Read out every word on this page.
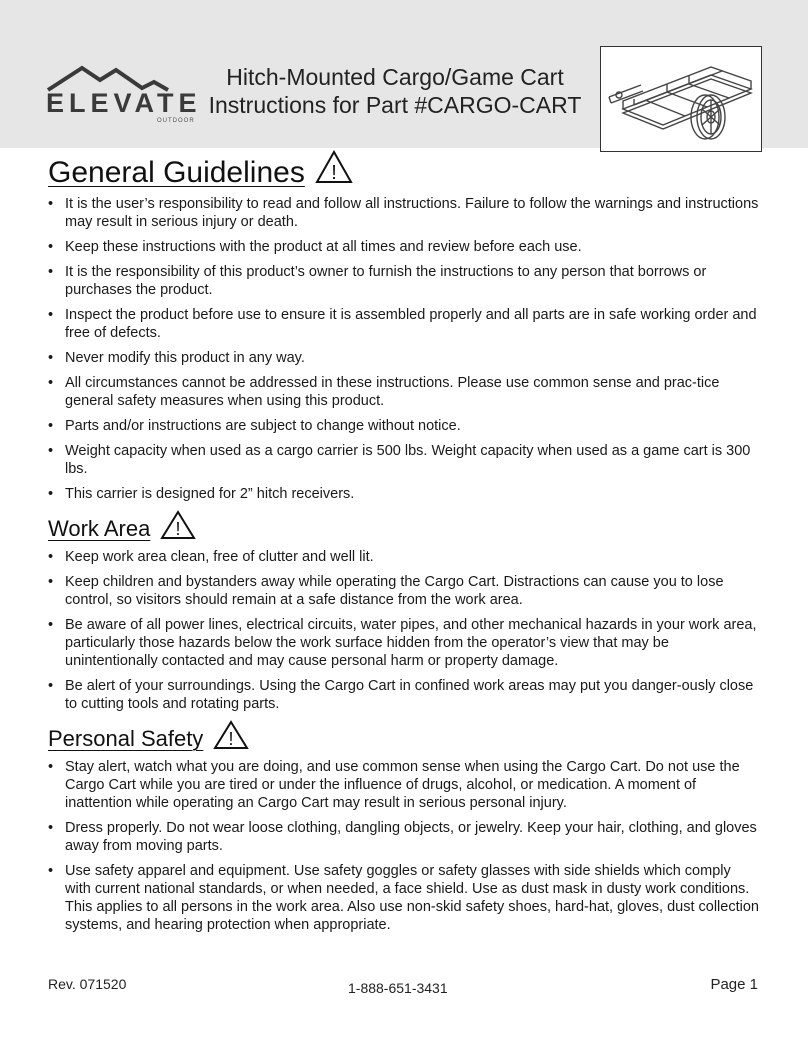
ELEVATE
OUTDOOR
Hitch-Mounted Cargo/Game Cart
Instructions for Part #CARGO-CART
General Guidelines !
• It is the user’s responsibility to read and follow all instructions. Failure to follow the warnings and instructions may result in serious injury or death.
• Keep these instructions with the product at all times and review before each use.
• It is the responsibility of this product’s owner to furnish the instructions to any person that borrows or purchases the product.
• Inspect the product before use to ensure it is assembled properly and all parts are in safe working order and free of defects.
• Never modify this product in any way.
• All circumstances cannot be addressed in these instructions. Please use common sense and prac-tice general safety measures when using this product.
• Parts and/or instructions are subject to change without notice.
• Weight capacity when used as a cargo carrier is 500 lbs. Weight capacity when used as a game cart is 300 lbs.
• This carrier is designed for 2” hitch receivers.
Work Area !
• Keep work area clean, free of clutter and well lit.
• Keep children and bystanders away while operating the Cargo Cart. Distractions can cause you to lose control, so visitors should remain at a safe distance from the work area.
• Be aware of all power lines, electrical circuits, water pipes, and other mechanical hazards in your work area, particularly those hazards below the work surface hidden from the operator’s view that may be unintentionally contacted and may cause personal harm or property damage.
• Be alert of your surroundings. Using the Cargo Cart in confined work areas may put you danger-ously close to cutting tools and rotating parts.
Personal Safety !
• Stay alert, watch what you are doing, and use common sense when using the Cargo Cart. Do not use the Cargo Cart while you are tired or under the influence of drugs, alcohol, or medication. A moment of inattention while operating an Cargo Cart may result in serious personal injury.
• Dress properly. Do not wear loose clothing, dangling objects, or jewelry. Keep your hair, clothing, and gloves away from moving parts.
• Use safety apparel and equipment. Use safety goggles or safety glasses with side shields which comply with current national standards, or when needed, a face shield. Use as dust mask in dusty work conditions. This applies to all persons in the work area. Also use non-skid safety shoes, hard-hat, gloves, dust collection systems, and hearing protection when appropriate.
Rev. 071520	1-888-651-3431	Page 1
